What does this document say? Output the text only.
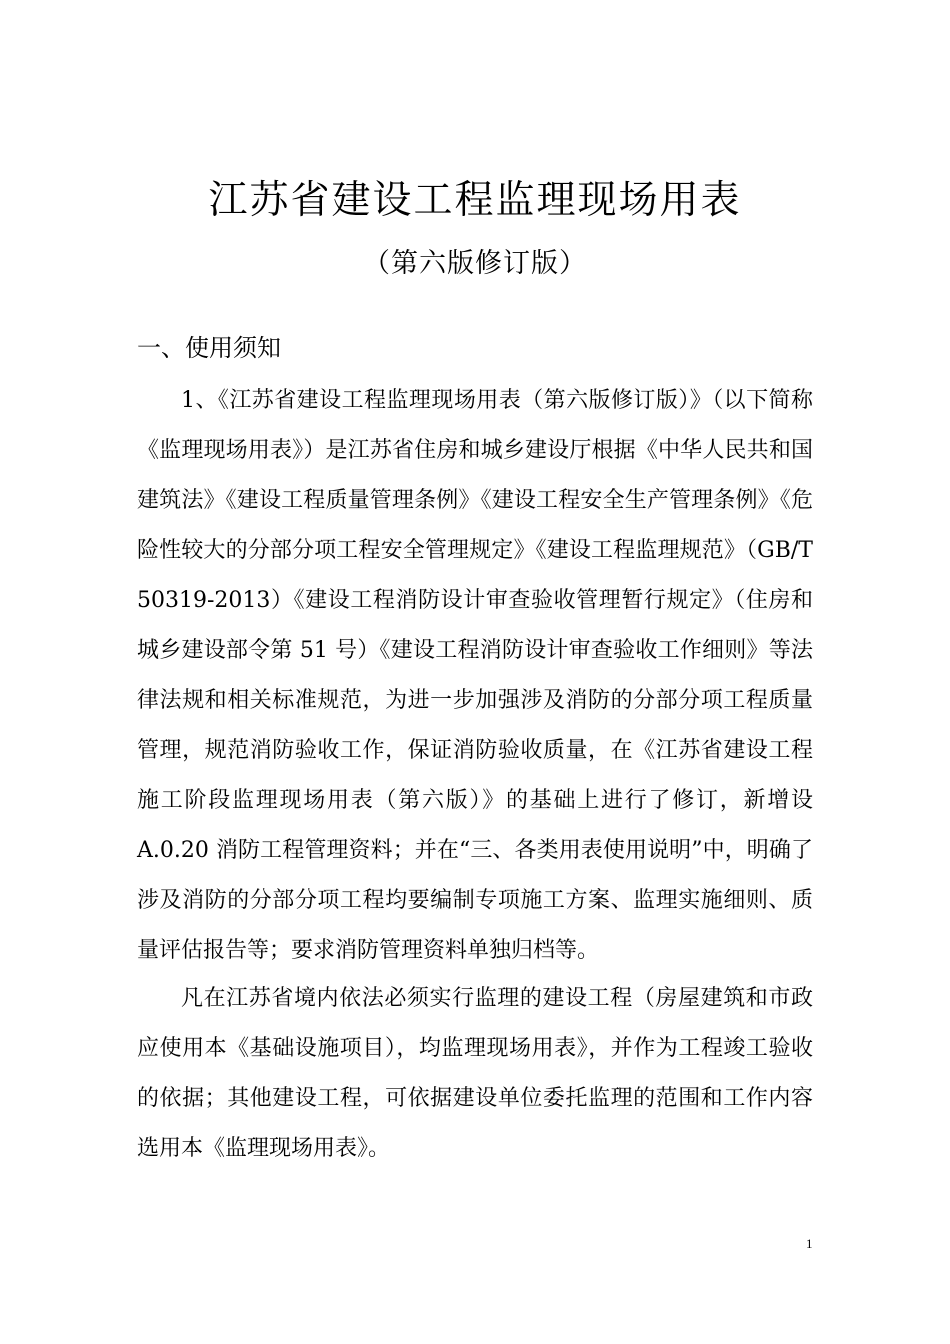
江苏省建设工程监理现场用表
（第六版修订版）
一、使用须知

1、《江苏省建设工程监理现场用表（第六版修订版）》（以下简称《监理现场用表》）是江苏省住房和城乡建设厅根据《中华人民共和国建筑法》《建设工程质量管理条例》《建设工程安全生产管理条例》《危险性较大的分部分项工程安全管理规定》《建设工程监理规范》（GB/T 50319-2013）《建设工程消防设计审查验收管理暂行规定》（住房和城乡建设部令第 51 号）《建设工程消防设计审查验收工作细则》等法律法规和相关标准规范，为进一步加强涉及消防的分部分项工程质量管理，规范消防验收工作，保证消防验收质量，在《江苏省建设工程施工阶段监理现场用表（第六版）》的基础上进行了修订，新增设 A.0.20 消防工程管理资料；并在“三、各类用表使用说明”中，明确了涉及消防的分部分项工程均要编制专项施工方案、监理实施细则、质量评估报告等；要求消防管理资料单独归档等。

凡在江苏省境内依法必须实行监理的建设工程（房屋建筑和市政应使用本《基础设施项目），均监理现场用表》，并作为工程竣工验收的依据；其他建设工程，可依据建设单位委托监理的范围和工作内容选用本《监理现场用表》。

1
